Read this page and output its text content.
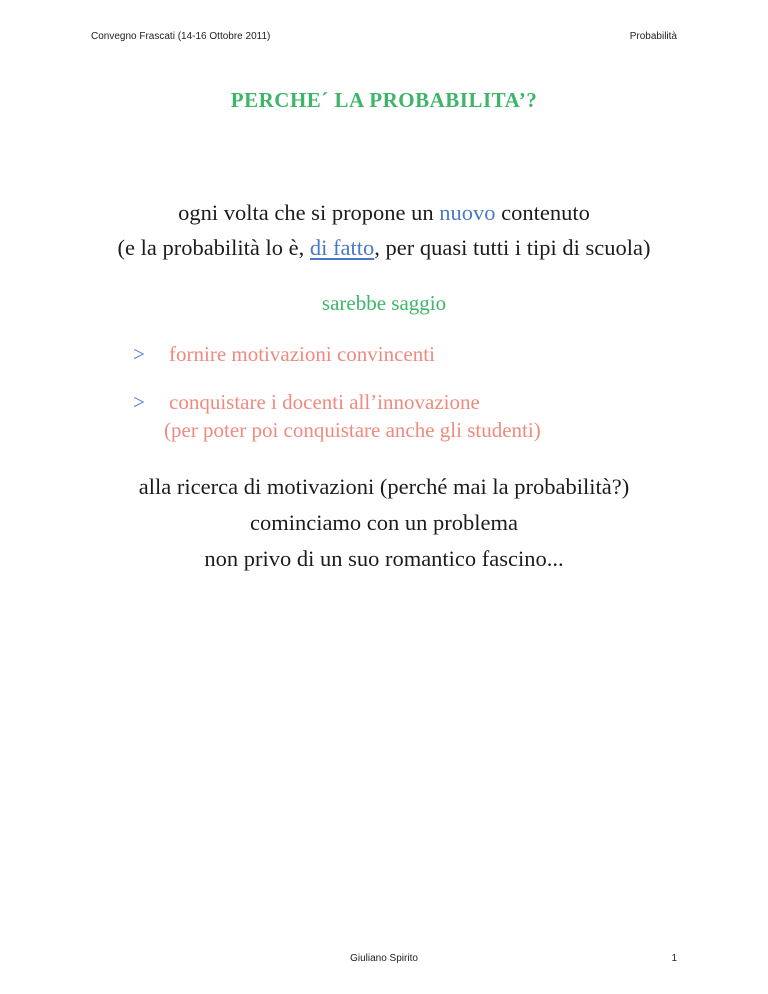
Convegno Frascati (14-16 Ottobre 2011)	Probabilità
PERCHE´ LA PROBABILITA’?
ogni volta che si propone un nuovo contenuto
(e la probabilità lo è, di fatto, per quasi tutti i tipi di scuola)
sarebbe saggio
> fornire motivazioni convincenti
> conquistare i docenti all’innovazione
(per poter poi conquistare anche gli studenti)
alla ricerca di motivazioni (perché mai la probabilità?)
cominciamo con un problema
non privo di un suo romantico fascino...
Giuliano Spirito	1
